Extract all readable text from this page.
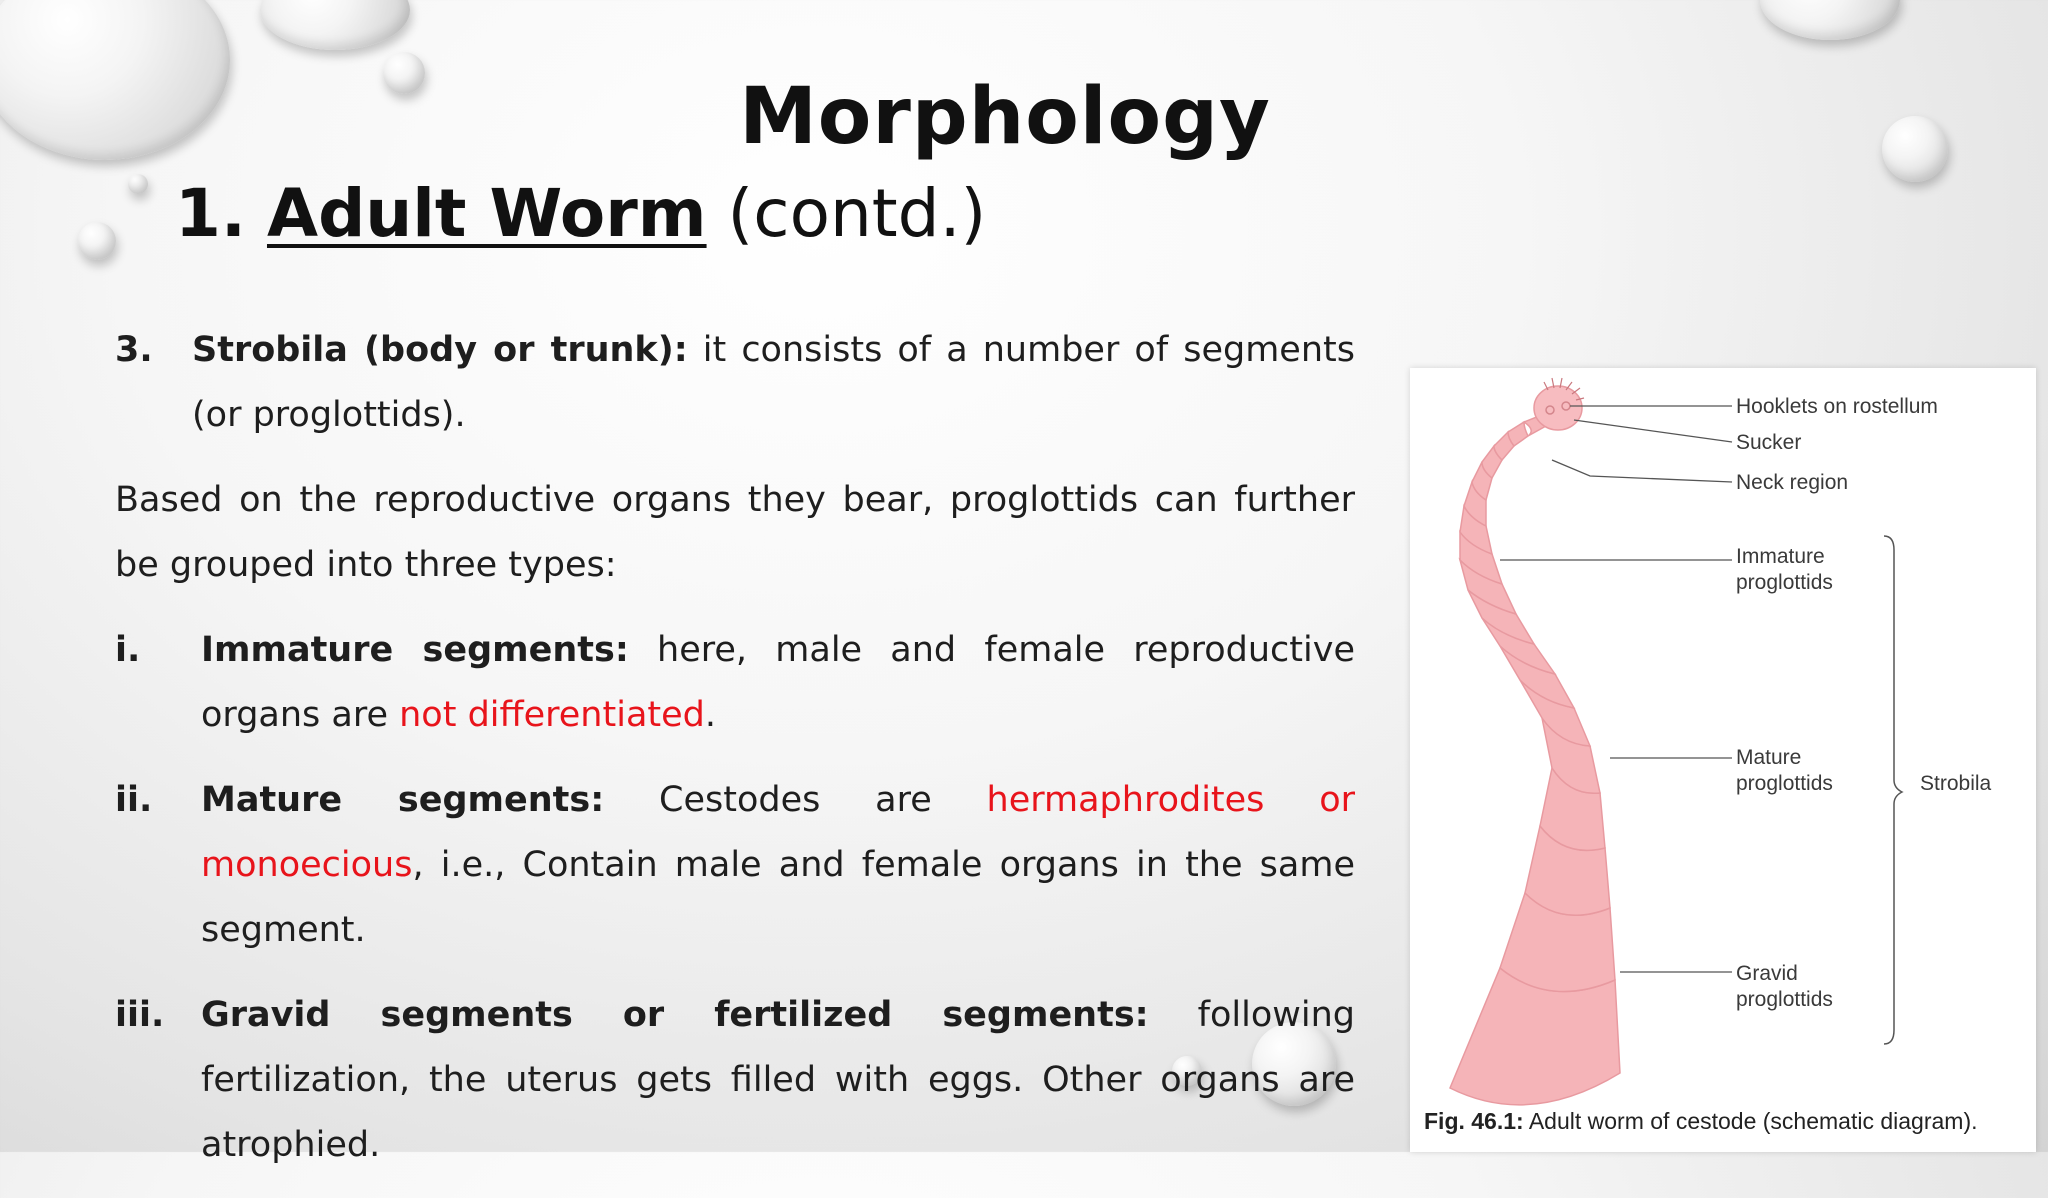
Morphology
1. Adult Worm (contd.)
3.	Strobila (body or trunk): it consists of a number of segments (or proglottids).

Based on the reproductive organs they bear, proglottids can further be grouped into three types:

i.	Immature segments: here, male and female reproductive organs are not differentiated.
ii.	Mature segments: Cestodes are hermaphrodites or monoecious, i.e., Contain male and female organs in the same segment.
iii.	Gravid segments or fertilized segments: following fertilization, the uterus gets filled with eggs. Other organs are atrophied.
Hooklets on rostellum
Sucker
Neck region
Immature
proglottids
Mature
proglottids
Gravid
proglottids
Strobila
Fig. 46.1: Adult worm of cestode (schematic diagram).
